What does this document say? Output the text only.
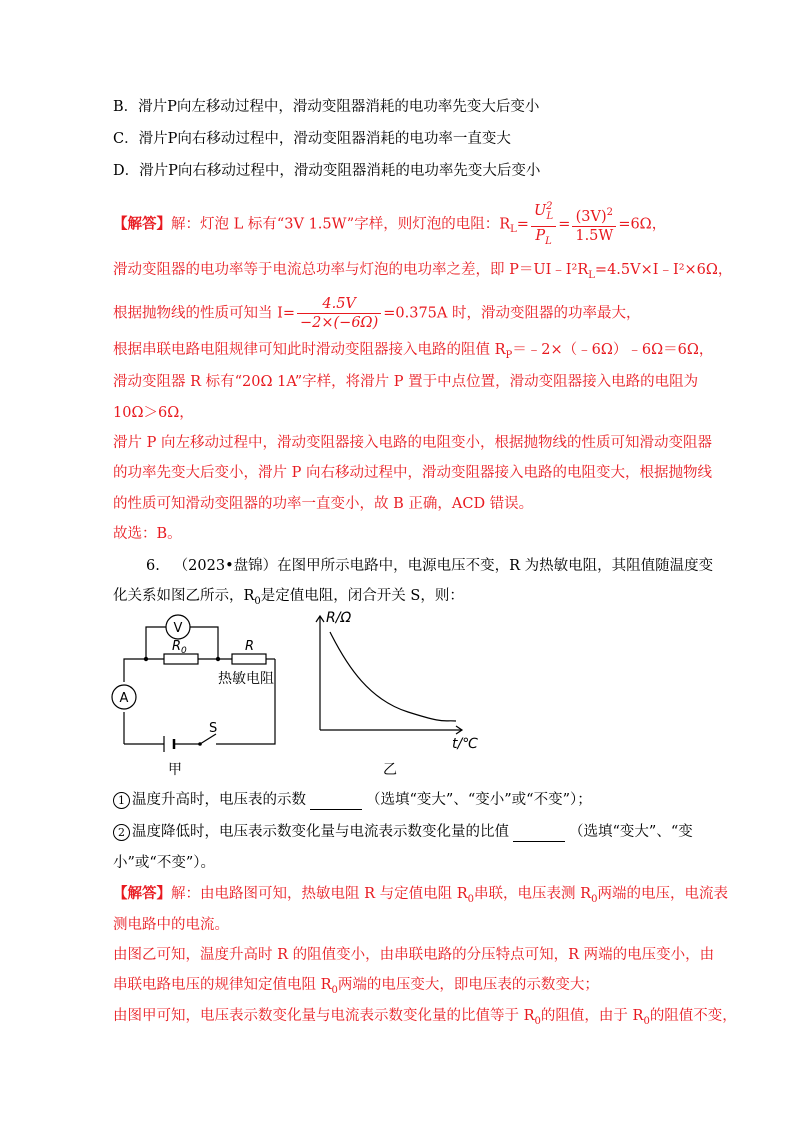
B．滑片P向左移动过程中，滑动变阻器消耗的电功率先变大后变小
C．滑片P向右移动过程中，滑动变阻器消耗的电功率一直变大
D．滑片P向右移动过程中，滑动变阻器消耗的电功率先变大后变小
【解答】解：灯泡 L 标有“3V 1.5W”字样，则灯泡的电阻：$R_L= \frac{U^2_L}{P_L} = \frac{(3V)^2}{1.5W} =6\Omega$，
滑动变阻器的电功率等于电流总功率与灯泡的电功率之差，即 $P=UI﹣I^2R_L=4.5V\times I﹣I^2\times 6\Omega$，
根据抛物线的性质可知当 $I= \frac{4.5V}{-2\times(-6\Omega)} =0.375A$ 时，滑动变阻器的功率最大，
根据串联电路电阻规律可知此时滑动变阻器接入电路的阻值 $R_P=﹣2\times(﹣6\Omega)﹣6\Omega=6\Omega$，
滑动变阻器 R 标有“20Ω 1A”字样，将滑片 P 置于中点位置，滑动变阻器接入电路的电阻为
10Ω＞6Ω，
滑片 P 向左移动过程中，滑动变阻器接入电路的电阻变小，根据抛物线的性质可知滑动变阻器
的功率先变大后变小，滑片 P 向右移动过程中，滑动变阻器接入电路的电阻变大，根据抛物线
的性质可知滑动变阻器的功率一直变小，故 B 正确，ACD 错误。
故选：B。
6. （2023•盘锦）在图甲所示电路中，电源电压不变，R 为热敏电阻，其阻值随温度变
化关系如图乙所示，$R_0$是定值电阻，闭合开关 S，则：
V
A
$R_0$	R
热敏电阻
S
甲
R/Ω
t/℃
乙
1 温度升高时，电压表的示数	（选填“变大”、“变小”或“不变”）；
2 温度降低时，电压表示数变化量与电流表示数变化量的比值	（选填“变大”、“变
小”或“不变”）。
【解答】解：由电路图可知，热敏电阻 R 与定值电阻 $R_0$串联，电压表测 $R_0$两端的电压，电流表
测电路中的电流。
由图乙可知，温度升高时 R 的阻值变小，由串联电路的分压特点可知，R 两端的电压变小，由
串联电路电压的规律知定值电阻 $R_0$两端的电压变大，即电压表的示数变大；
由图甲可知，电压表示数变化量与电流表示数变化量的比值等于 $R_0$的阻值，由于 $R_0$的阻值不变，
